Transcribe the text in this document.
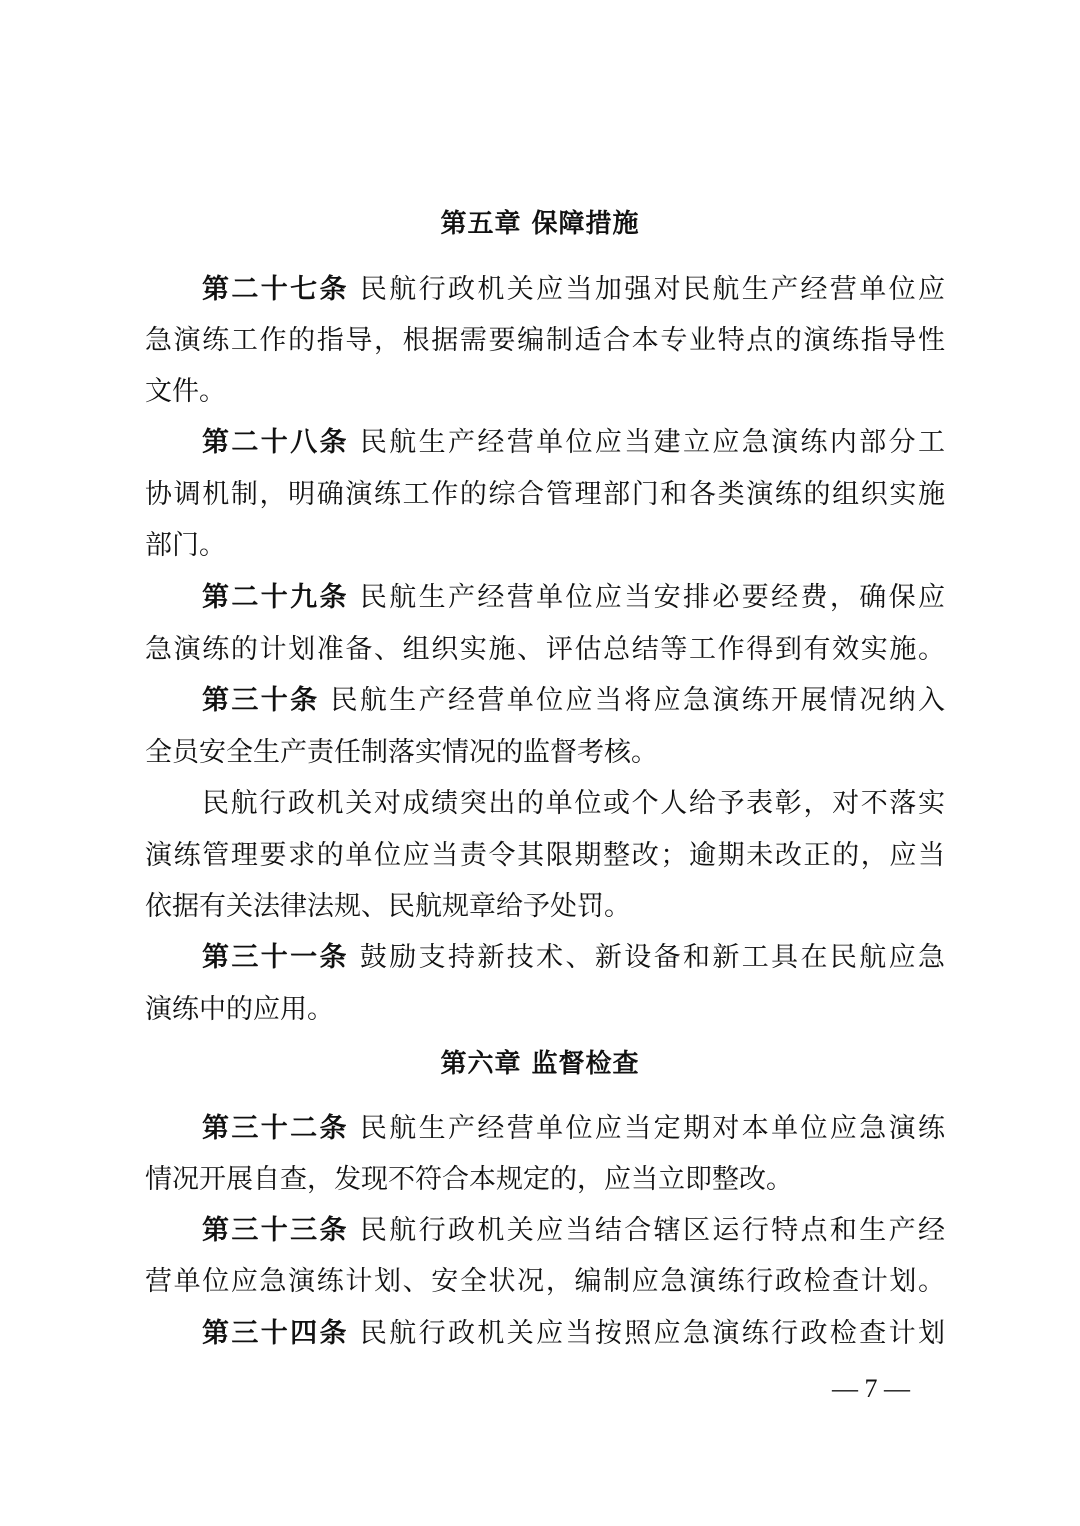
第五章 保障措施
第二十七条 民航行政机关应当加强对民航生产经营单位应
急演练工作的指导，根据需要编制适合本专业特点的演练指导性
文件。
第二十八条 民航生产经营单位应当建立应急演练内部分工
协调机制，明确演练工作的综合管理部门和各类演练的组织实施
部门。
第二十九条 民航生产经营单位应当安排必要经费，确保应
急演练的计划准备、组织实施、评估总结等工作得到有效实施。
第三十条 民航生产经营单位应当将应急演练开展情况纳入
全员安全生产责任制落实情况的监督考核。
民航行政机关对成绩突出的单位或个人给予表彰，对不落实
演练管理要求的单位应当责令其限期整改；逾期未改正的，应当
依据有关法律法规、民航规章给予处罚。
第三十一条 鼓励支持新技术、新设备和新工具在民航应急
演练中的应用。
第六章 监督检查
第三十二条 民航生产经营单位应当定期对本单位应急演练
情况开展自查，发现不符合本规定的，应当立即整改。
第三十三条 民航行政机关应当结合辖区运行特点和生产经
营单位应急演练计划、安全状况，编制应急演练行政检查计划。
第三十四条 民航行政机关应当按照应急演练行政检查计划
— 7 —
